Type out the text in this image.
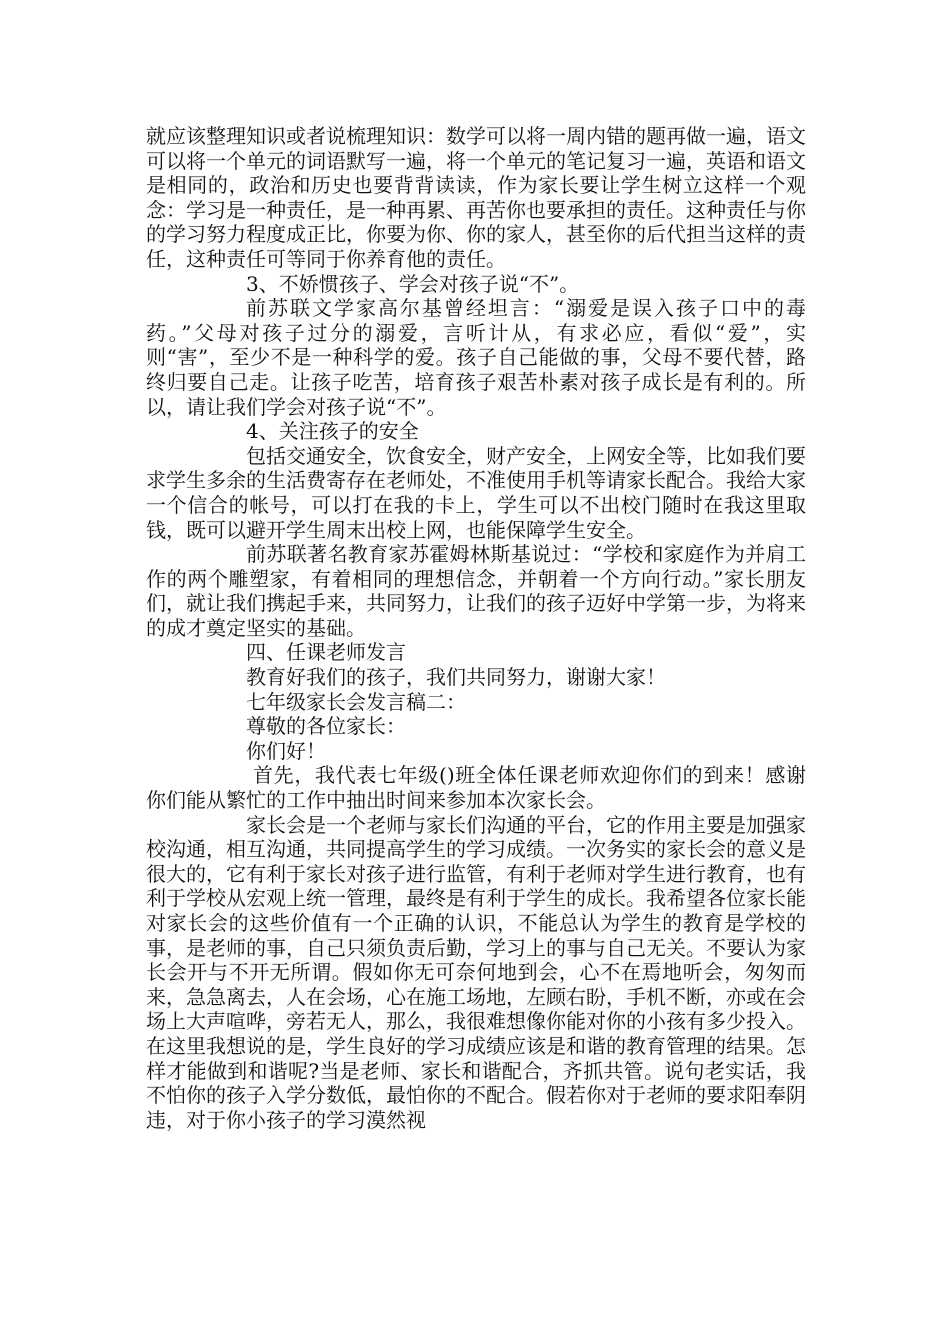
就应该整理知识或者说梳理知识：数学可以将一周内错的题再做一遍，语文可以将一个单元的词语默写一遍，将一个单元的笔记复习一遍，英语和语文是相同的，政治和历史也要背背读读，作为家长要让学生树立这样一个观念：学习是一种责任，是一种再累、再苦你也要承担的责任。这种责任与你的学习努力程度成正比，你要为你、你的家人，甚至你的后代担当这样的责任，这种责任可等同于你养育他的责任。

3、不娇惯孩子、学会对孩子说“不”。

前苏联文学家高尔基曾经坦言：“溺爱是误入孩子口中的毒药。”父母对孩子过分的溺爱，言听计从，有求必应，看似“爱”，实则“害”，至少不是一种科学的爱。孩子自己能做的事，父母不要代替，路终归要自己走。让孩子吃苦，培育孩子艰苦朴素对孩子成长是有利的。所以，请让我们学会对孩子说“不”。

4、关注孩子的安全

包括交通安全，饮食安全，财产安全，上网安全等，比如我们要求学生多余的生活费寄存在老师处，不准使用手机等请家长配合。我给大家一个信合的帐号，可以打在我的卡上，学生可以不出校门随时在我这里取钱，既可以避开学生周末出校上网，也能保障学生安全。

前苏联著名教育家苏霍姆林斯基说过：“学校和家庭作为并肩工作的两个雕塑家，有着相同的理想信念，并朝着一个方向行动。”家长朋友们，就让我们携起手来，共同努力，让我们的孩子迈好中学第一步，为将来的成才奠定坚实的基础。

四、任课老师发言

教育好我们的孩子，我们共同努力，谢谢大家！

七年级家长会发言稿二：

尊敬的各位家长：

你们好！

首先，我代表七年级()班全体任课老师欢迎你们的到来！感谢你们能从繁忙的工作中抽出时间来参加本次家长会。

家长会是一个老师与家长们沟通的平台，它的作用主要是加强家校沟通，相互沟通，共同提高学生的学习成绩。一次务实的家长会的意义是很大的，它有利于家长对孩子进行监管，有利于老师对学生进行教育，也有利于学校从宏观上统一管理，最终是有利于学生的成长。我希望各位家长能对家长会的这些价值有一个正确的认识，不能总认为学生的教育是学校的事，是老师的事，自己只须负责后勤，学习上的事与自己无关。不要认为家长会开与不开无所谓。假如你无可奈何地到会，心不在焉地听会，匆匆而来，急急离去，人在会场，心在施工场地，左顾右盼，手机不断，亦或在会场上大声喧哗，旁若无人，那么，我很难想像你能对你的小孩有多少投入。在这里我想说的是，学生良好的学习成绩应该是和谐的教育管理的结果。怎样才能做到和谐呢?当是老师、家长和谐配合，齐抓共管。说句老实话，我不怕你的孩子入学分数低，最怕你的不配合。假若你对于老师的要求阳奉阴违，对于你小孩子的学习漠然视
